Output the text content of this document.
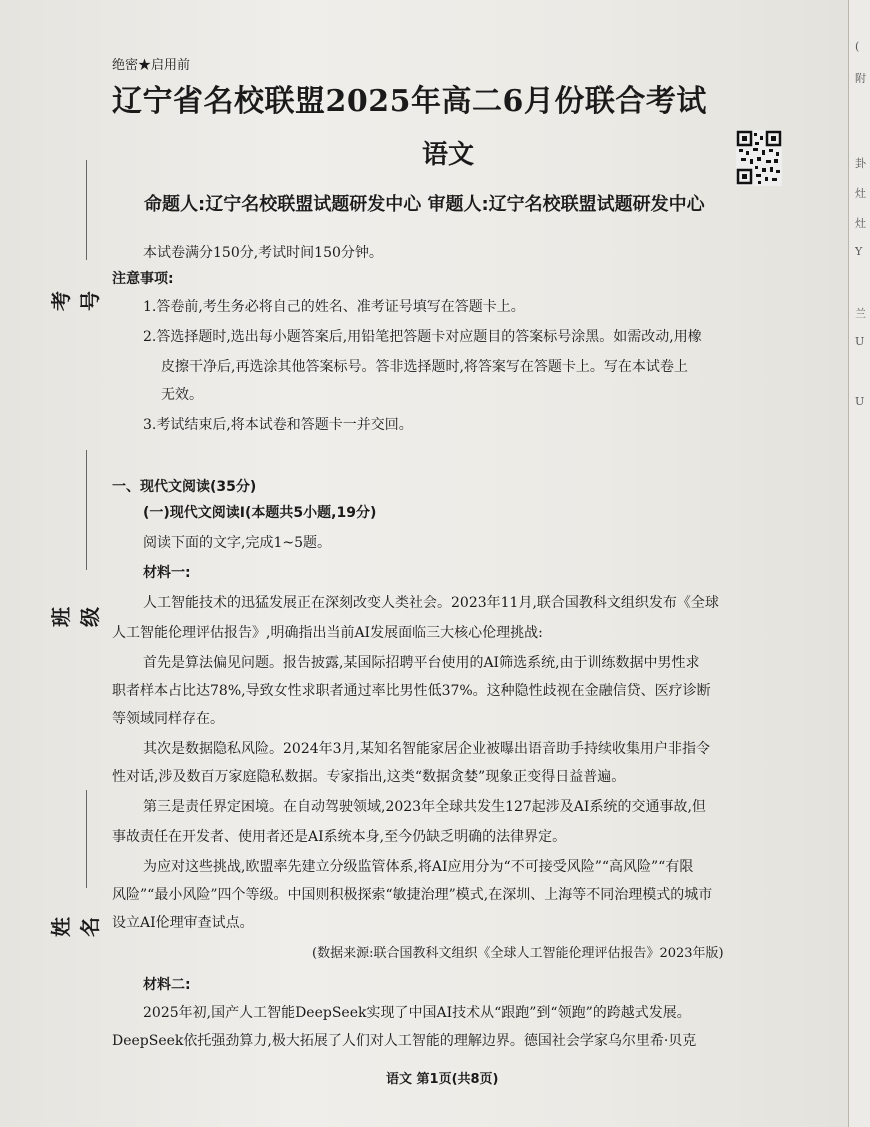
绝密★启用前
辽宁省名校联盟2025年高二6月份联合考试
语文
命题人:辽宁名校联盟试题研发中心 审题人:辽宁名校联盟试题研发中心
本试卷满分150分,考试时间150分钟。
注意事项:
1.答卷前,考生务必将自己的姓名、准考证号填写在答题卡上。
2.答选择题时,选出每小题答案后,用铅笔把答题卡对应题目的答案标号涂黑。如需改动,用橡
皮擦干净后,再选涂其他答案标号。答非选择题时,将答案写在答题卡上。写在本试卷上
无效。
3.考试结束后,将本试卷和答题卡一并交回。
一、现代文阅读(35分)
(一)现代文阅读Ⅰ(本题共5小题,19分)
阅读下面的文字,完成1~5题。
材料一:
人工智能技术的迅猛发展正在深刻改变人类社会。2023年11月,联合国教科文组织发布《全球
人工智能伦理评估报告》,明确指出当前AI发展面临三大核心伦理挑战:
首先是算法偏见问题。报告披露,某国际招聘平台使用的AI筛选系统,由于训练数据中男性求
职者样本占比达78%,导致女性求职者通过率比男性低37%。这种隐性歧视在金融信贷、医疗诊断
等领域同样存在。
其次是数据隐私风险。2024年3月,某知名智能家居企业被曝出语音助手持续收集用户非指令
性对话,涉及数百万家庭隐私数据。专家指出,这类“数据贪婪”现象正变得日益普遍。
第三是责任界定困境。在自动驾驶领域,2023年全球共发生127起涉及AI系统的交通事故,但
事故责任在开发者、使用者还是AI系统本身,至今仍缺乏明确的法律界定。
为应对这些挑战,欧盟率先建立分级监管体系,将AI应用分为“不可接受风险”“高风险”“有限
风险”“最小风险”四个等级。中国则积极探索“敏捷治理”模式,在深圳、上海等不同治理模式的城市
设立AI伦理审查试点。
(数据来源:联合国教科文组织《全球人工智能伦理评估报告》2023年版)
材料二:
2025年初,国产人工智能DeepSeek实现了中国AI技术从“跟跑”到“领跑”的跨越式发展。
DeepSeek依托强劲算力,极大拓展了人们对人工智能的理解边界。德国社会学家乌尔里希·贝克
语文 第1页(共8页)
考号
班级
姓名
(
附
卦
灶
灶
Y
兰
U
U
